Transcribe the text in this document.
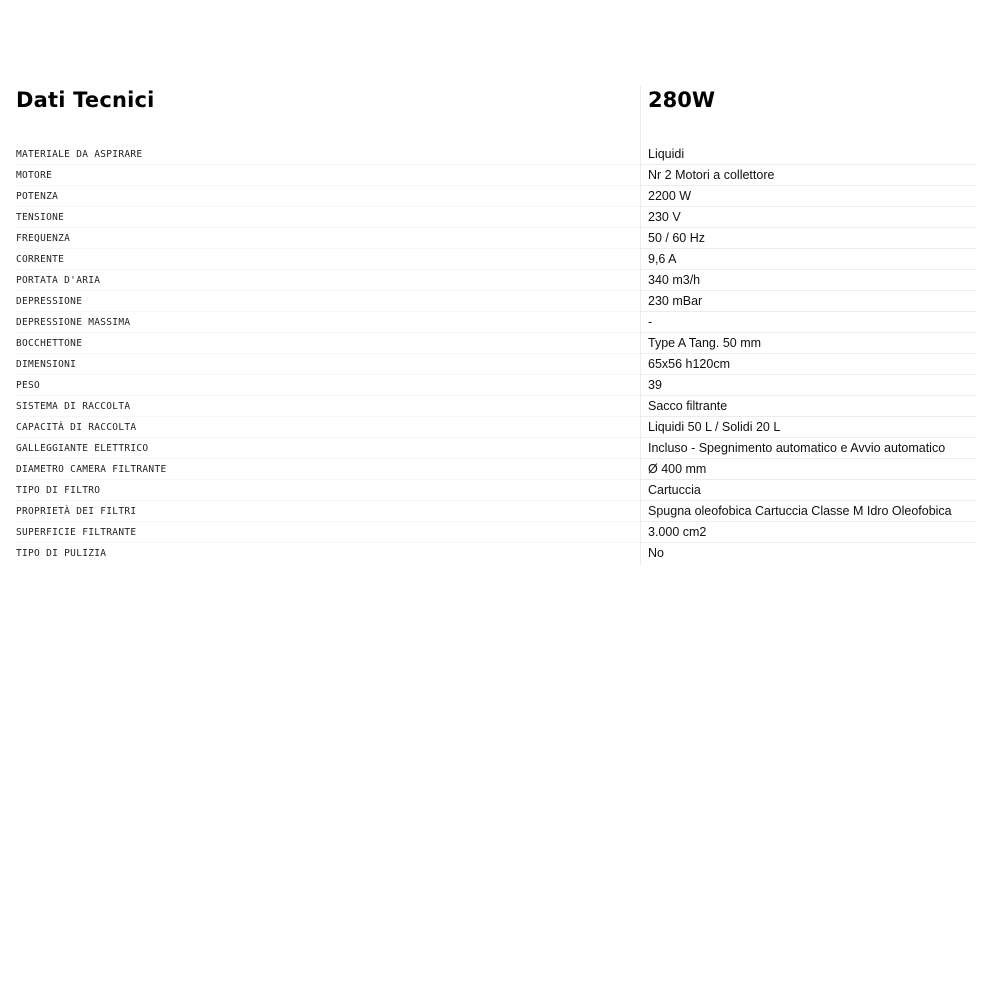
Dati Tecnici	280W
MATERIALE DA ASPIRARE	Liquidi
MOTORE	Nr 2 Motori a collettore
POTENZA	2200 W
TENSIONE	230 V
FREQUENZA	50 / 60 Hz
CORRENTE	9,6 A
PORTATA D'ARIA	340 m3/h
DEPRESSIONE	230 mBar
DEPRESSIONE MASSIMA	-
BOCCHETTONE	Type A Tang. 50 mm
DIMENSIONI	65x56 h120cm
PESO	39
SISTEMA DI RACCOLTA	Sacco filtrante
CAPACITÀ DI RACCOLTA	Liquidi 50 L / Solidi 20 L
GALLEGGIANTE ELETTRICO	Incluso - Spegnimento automatico e Avvio automatico
DIAMETRO CAMERA FILTRANTE	Ø 400 mm
TIPO DI FILTRO	Cartuccia
PROPRIETÀ DEI FILTRI	Spugna oleofobica Cartuccia Classe M Idro Oleofobica
SUPERFICIE FILTRANTE	3.000 cm2
TIPO DI PULIZIA	No
